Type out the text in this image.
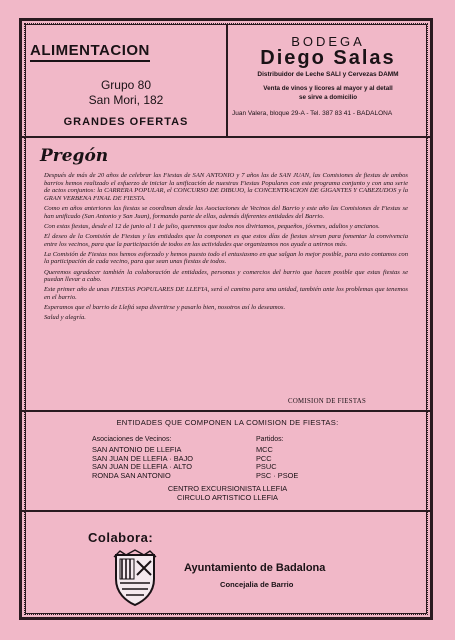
ALIMENTACION
Grupo 80
San Mori, 182
GRANDES OFERTAS
BODEGA
Diego Salas
Distribuidor de Leche SALI y Cervezas DAMM
Venta de vinos y licores al mayor y al detall
se sirve a domicilio
Juan Valera, bloque 29-A - Tel. 387 83 41 - BADALONA
Pregón

Después de más de 20 años de celebrar las Fiestas de SAN ANTONIO y 7 años las de SAN JUAN, las Comisiones de fiestas de ambos barrios hemos realizado el esfuerzo de iniciar la unificación de nuestras Fiestas Populares con este programa conjunto y con una serie de actos conjuntos: la CARRERA POPULAR, el CONCURSO DE DIBUJO, la CONCENTRACION DE GIGANTES Y CABEZUDOS y la GRAN VERBENA FINAL DE FIESTA.

Como en años anteriores las fiestas se coordinan desde las Asociaciones de Vecinos del Barrio y este año las Comisiones de Fiestas se han unificado (San Antonio y San Juan), formando parte de ellas, además diferentes entidades del Barrio.

Con estas fiestas, desde el 12 de junio al 1 de julio, queremos que todos nos divirtamos, pequeños, jóvenes, adultos y ancianos.

El deseo de la Comisión de Fiestas y las entidades que la componen es que estos días de fiestas sirvan para fomentar la convivencia entre los vecinos, para que la participación de todos en las actividades que organizamos nos ayude a unirnos más.

La Comisión de Fiestas nos hemos esforzado y hemos puesto todo el entusiasmo en que salgan lo mejor posible, para esto contamos con la participación de cada vecino, para que sean unas fiestas de todos.

Queremos agradecer también la colaboración de entidades, personas y comercios del barrio que hacen posible que estas fiestas se puedan llevar a cabo.

Este primer año de unas FIESTAS POPULARES DE LLEFIA, será el camino para una unidad, también ante los problemas que tenemos en el barrio.

Esperamos que el barrio de Llefiá sepa divertirse y pasarlo bien, nosotros así lo deseamos.

Salud y alegría.

COMISION DE FIESTAS
ENTIDADES QUE COMPONEN LA COMISION DE FIESTAS:
Asociaciones de Vecinos:	Partidos:
SAN ANTONIO DE LLEFIA
SAN JUAN DE LLEFIA · BAJO
SAN JUAN DE LLEFIA · ALTO
RONDA SAN ANTONIO
MCC
PCC
PSUC
PSC · PSOE
CENTRO EXCURSIONISTA LLEFIA
CIRCULO ARTISTICO LLEFIA
Colabora:
Ayuntamiento de Badalona
Concejalia de Barrio
